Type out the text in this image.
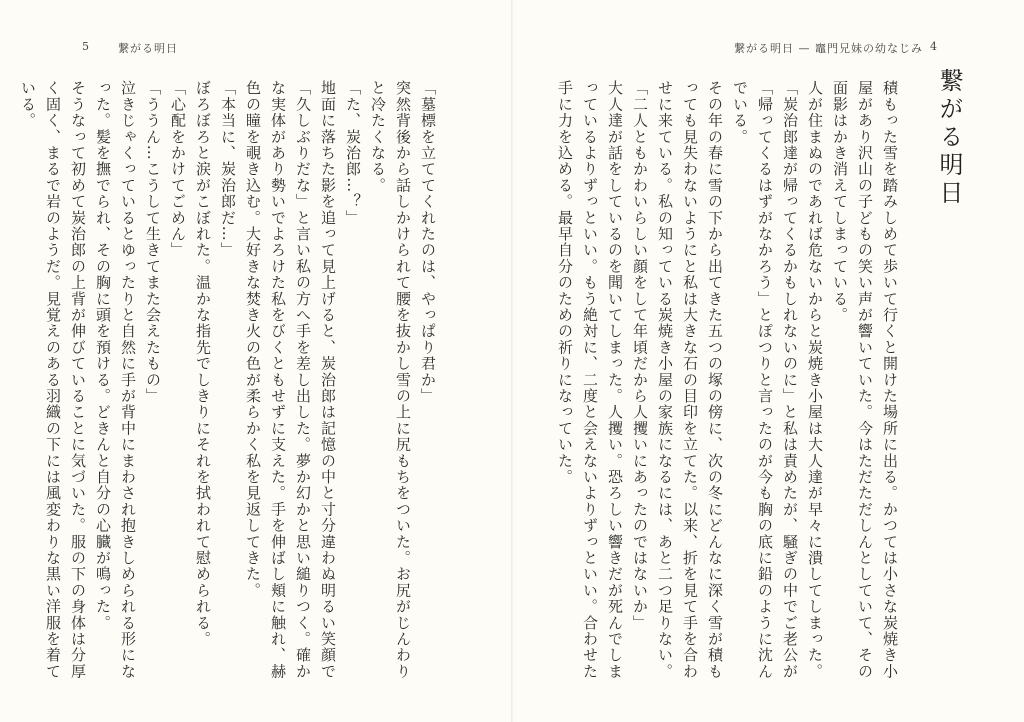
5	繋がる明日

「墓標を立ててくれたのは、やっぱり君か」

突然背後から話しかけられて腰を抜かし雪の上に尻もちをついた。お尻がじんわりと冷たくなる。

「た、炭治郎…？」

地面に落ちた影を追って見上げると、炭治郎は記憶の中と寸分違わぬ明るい笑顔で「久しぶりだな」と言い私の方へ手を差し出した。夢か幻かと思い縋りつく。確かな実体があり勢いでよろけた私をびくともせずに支えた。手を伸ばし頬に触れ、赫色の瞳を覗き込む。大好きな焚き火の色が柔らかく私を見返してきた。

「本当に、炭治郎だ…」

ぼろぼろと涙がこぼれた。温かな指先でしきりにそれを拭われて慰められる。

「心配をかけてごめん」

「ううん…こうして生きてまた会えたもの」

泣きじゃくっているとゆったりと自然に手が背中にまわされ抱きしめられる形になった。髪を撫でられ、その胸に頭を預ける。どきんと自分の心臓が鳴った。

そうなって初めて炭治郎の上背が伸びていることに気づいた。服の下の身体は分厚く固く、まるで岩のようだ。見覚えのある羽織の下には風変わりな黒い洋服を着ている。

繋がる明日 — 竈門兄妹の幼なじみ 4
繋がる明日

積もった雪を踏みしめて歩いて行くと開けた場所に出る。かつては小さな炭焼き小屋があり沢山の子どもの笑い声が響いていた。今はただただしんとしていて、その面影はかき消えてしまっている。

人が住まぬのであれば危ないからと炭焼き小屋は大人達が早々に潰してしまった。「炭治郎達が帰ってくるかもしれないのに」と私は責めたが、騒ぎの中でご老公が「帰ってくるはずがなかろう」とぽつりと言ったのが今も胸の底に鉛のように沈んでいる。

その年の春に雪の下から出てきた五つの塚の傍に、次の冬にどんなに深く雪が積もっても見失わないようにと私は大きな石の目印を立てた。以来、折を見て手を合わせに来ている。私の知っている炭焼き小屋の家族になるには、あと二つ足りない。

「二人ともかわいらしい顔をして年頃だから人攫いにあったのではないか」

大人達が話をしているのを聞いてしまった。人攫い。恐ろしい響きだが死んでしまっているよりずっといい。もう絶対に、二度と会えないよりずっといい。合わせた手に力を込める。最早自分のための祈りになっていた。
